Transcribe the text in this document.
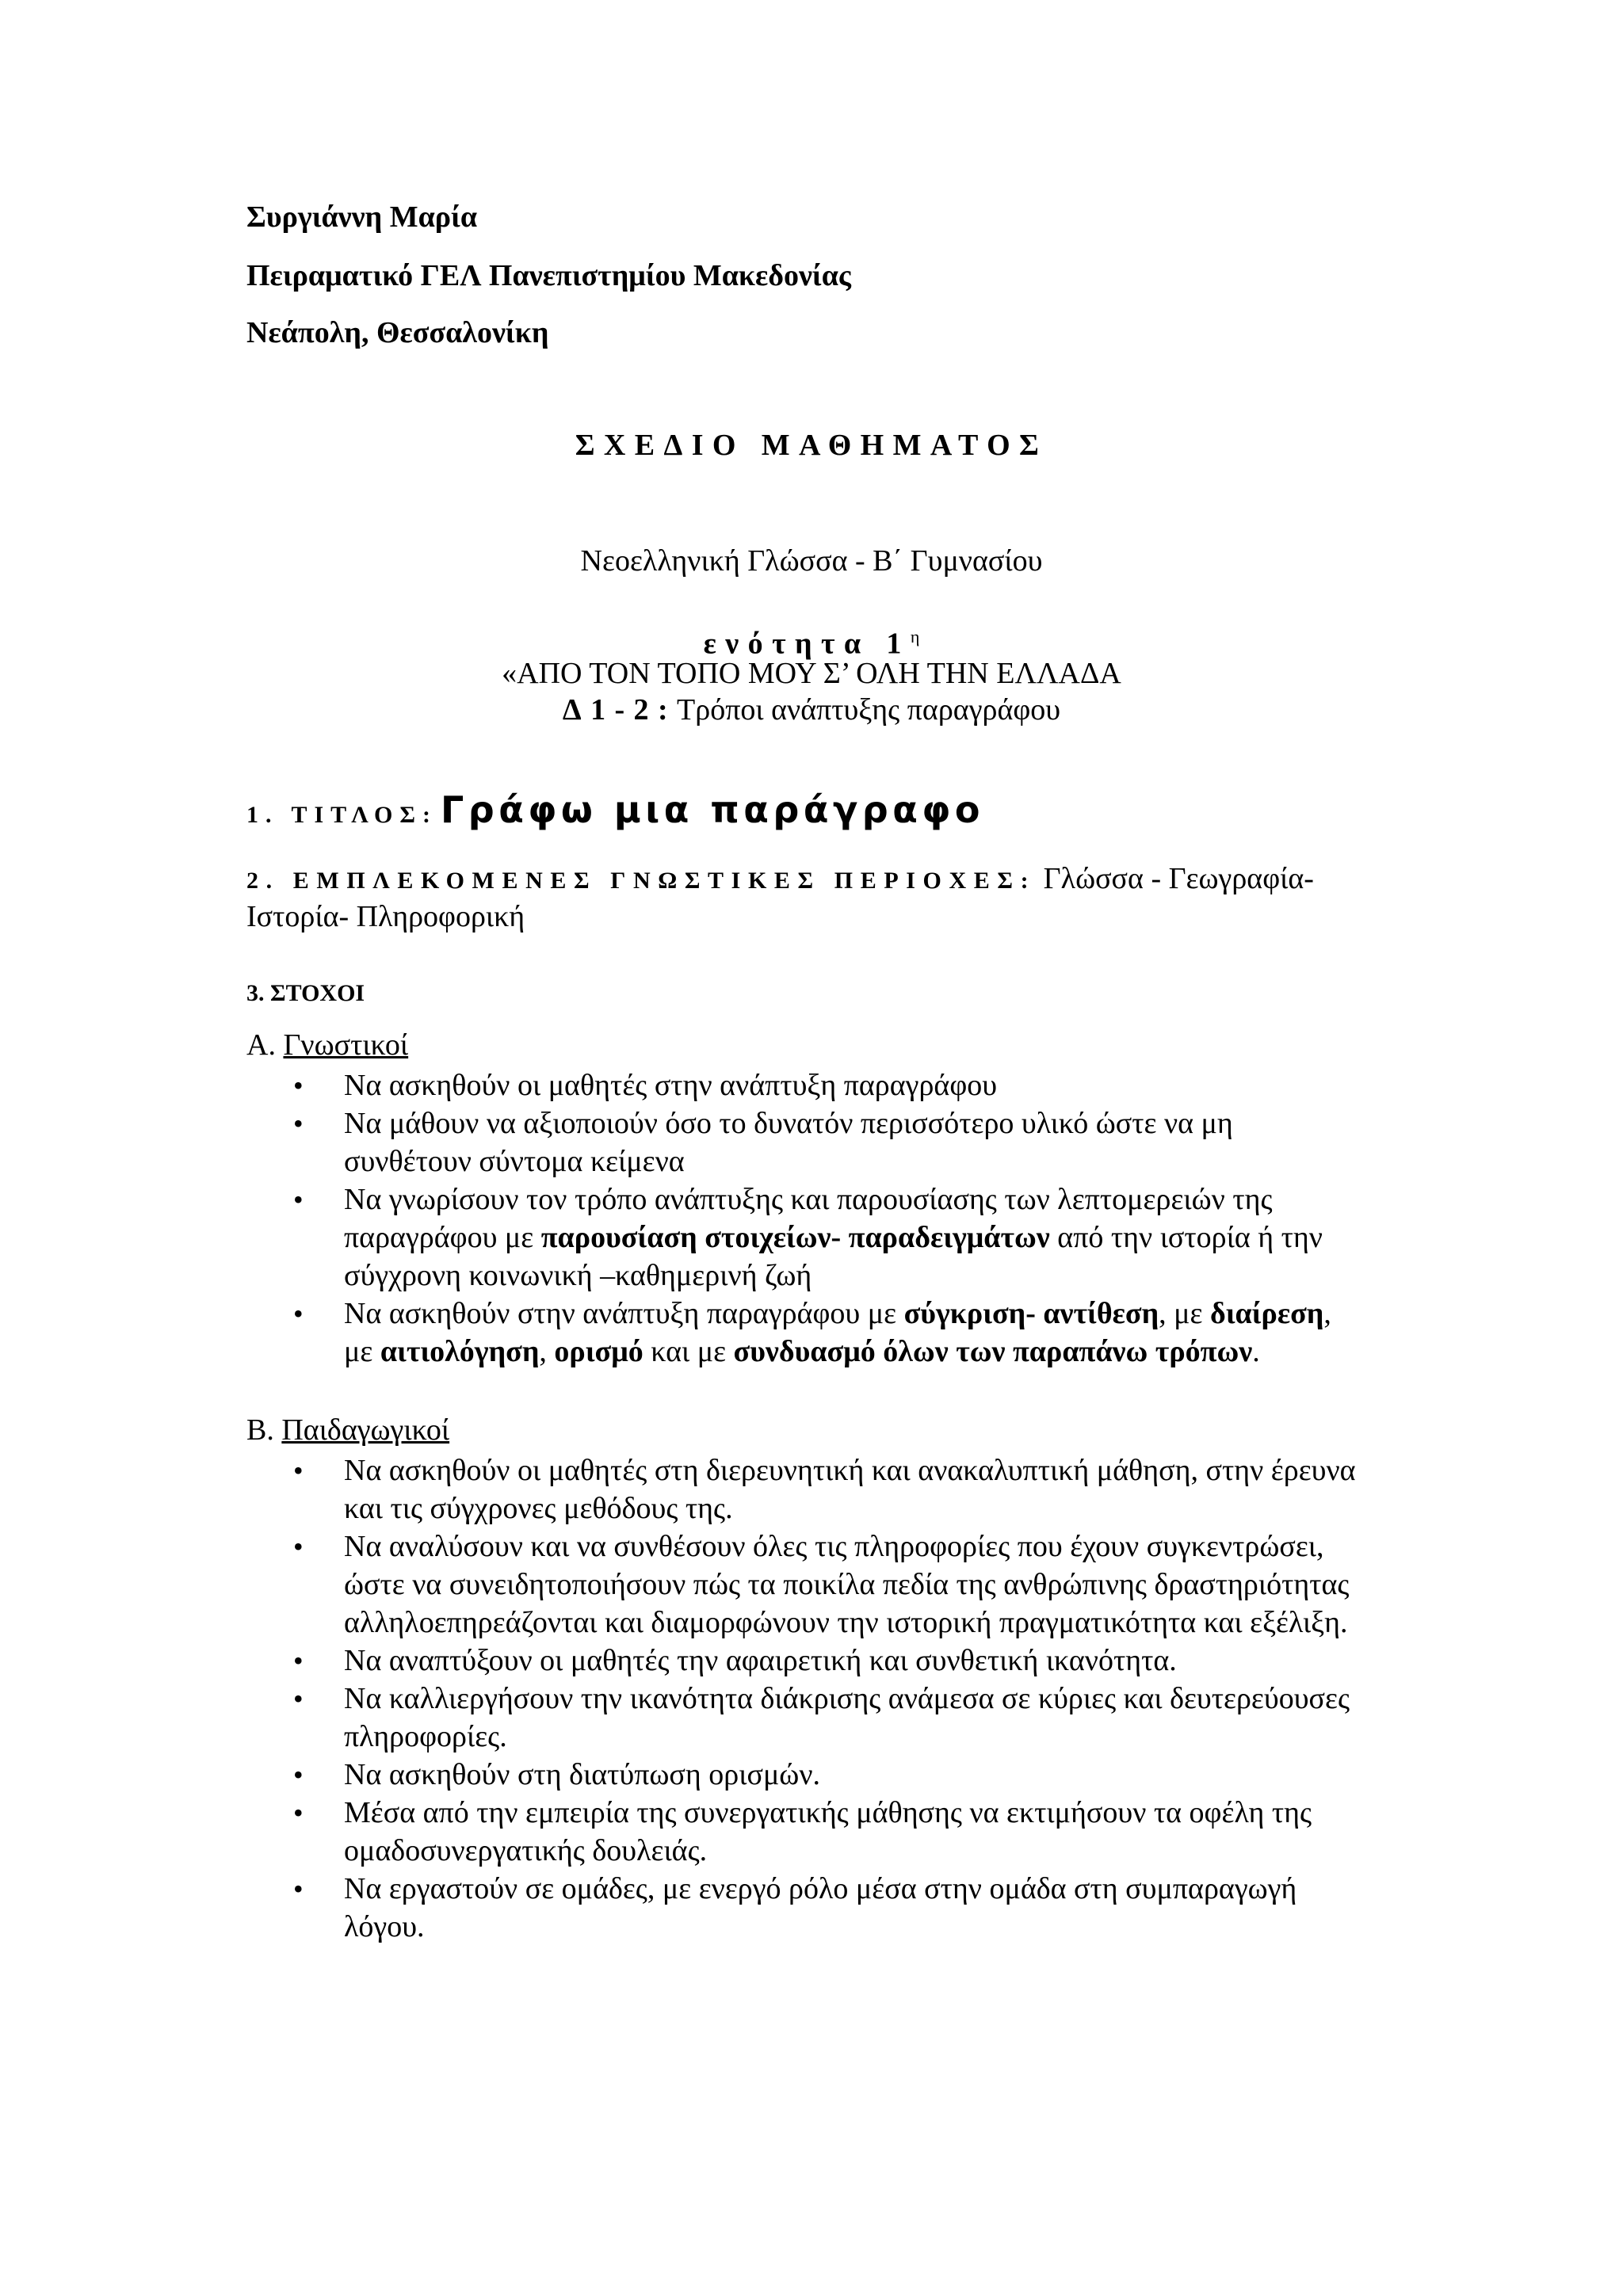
Συργιάννη Μαρία
Πειραματικό ΓΕΛ Πανεπιστημίου Μακεδονίας
Νεάπολη, Θεσσαλονίκη
ΣΧΕΔΙΟ ΜΑΘΗΜΑΤΟΣ
Νεοελληνική Γλώσσα - Β΄ Γυμνασίου
ενότητα $1^\eta$
«ΑΠΟ ΤΟΝ ΤΟΠΟ ΜΟΥ Σ’ ΟΛΗ ΤΗΝ ΕΛΛΑΔΑ
Δ1-2:Τρόποι ανάπτυξης παραγράφου
1. ΤΙΤΛΟΣ: Γράφω μια παράγραφο
2. ΕΜΠΛΕΚΟΜΕΝΕΣ ΓΝΩΣΤΙΚΕΣ ΠΕΡΙΟΧΕΣ: Γλώσσα - Γεωγραφία-
Ιστορία- Πληροφορική
3. ΣΤΟΧΟΙ
Α. Γνωστικοί
• Να ασκηθούν οι μαθητές στην ανάπτυξη παραγράφου
• Να μάθουν να αξιοποιούν όσο το δυνατόν περισσότερο υλικό ώστε να μη συνθέτουν σύντομα κείμενα
• Να γνωρίσουν τον τρόπο ανάπτυξης και παρουσίασης των λεπτομερειών της παραγράφου με παρουσίαση στοιχείων- παραδειγμάτων από την ιστορία ή την σύγχρονη κοινωνική –καθημερινή ζωή
• Να ασκηθούν στην ανάπτυξη παραγράφου με σύγκριση- αντίθεση, με διαίρεση, με αιτιολόγηση, ορισμό και με συνδυασμό όλων των παραπάνω τρόπων.
Β. Παιδαγωγικοί
• Να ασκηθούν οι μαθητές στη διερευνητική και ανακαλυπτική μάθηση, στην έρευνα και τις σύγχρονες μεθόδους της.
• Να αναλύσουν και να συνθέσουν όλες τις πληροφορίες που έχουν συγκεντρώσει, ώστε να συνειδητοποιήσουν πώς τα ποικίλα πεδία της ανθρώπινης δραστηριότητας αλληλοεπηρεάζονται και διαμορφώνουν την ιστορική πραγματικότητα και εξέλιξη.
• Να αναπτύξουν οι μαθητές την αφαιρετική και συνθετική ικανότητα.
• Να καλλιεργήσουν την ικανότητα διάκρισης ανάμεσα σε κύριες και δευτερεύουσες πληροφορίες.
• Να ασκηθούν στη διατύπωση ορισμών.
• Μέσα από την εμπειρία της συνεργατικής μάθησης να εκτιμήσουν τα οφέλη της ομαδοσυνεργατικής δουλειάς.
• Να εργαστούν σε ομάδες, με ενεργό ρόλο μέσα στην ομάδα στη συμπαραγωγή λόγου.
